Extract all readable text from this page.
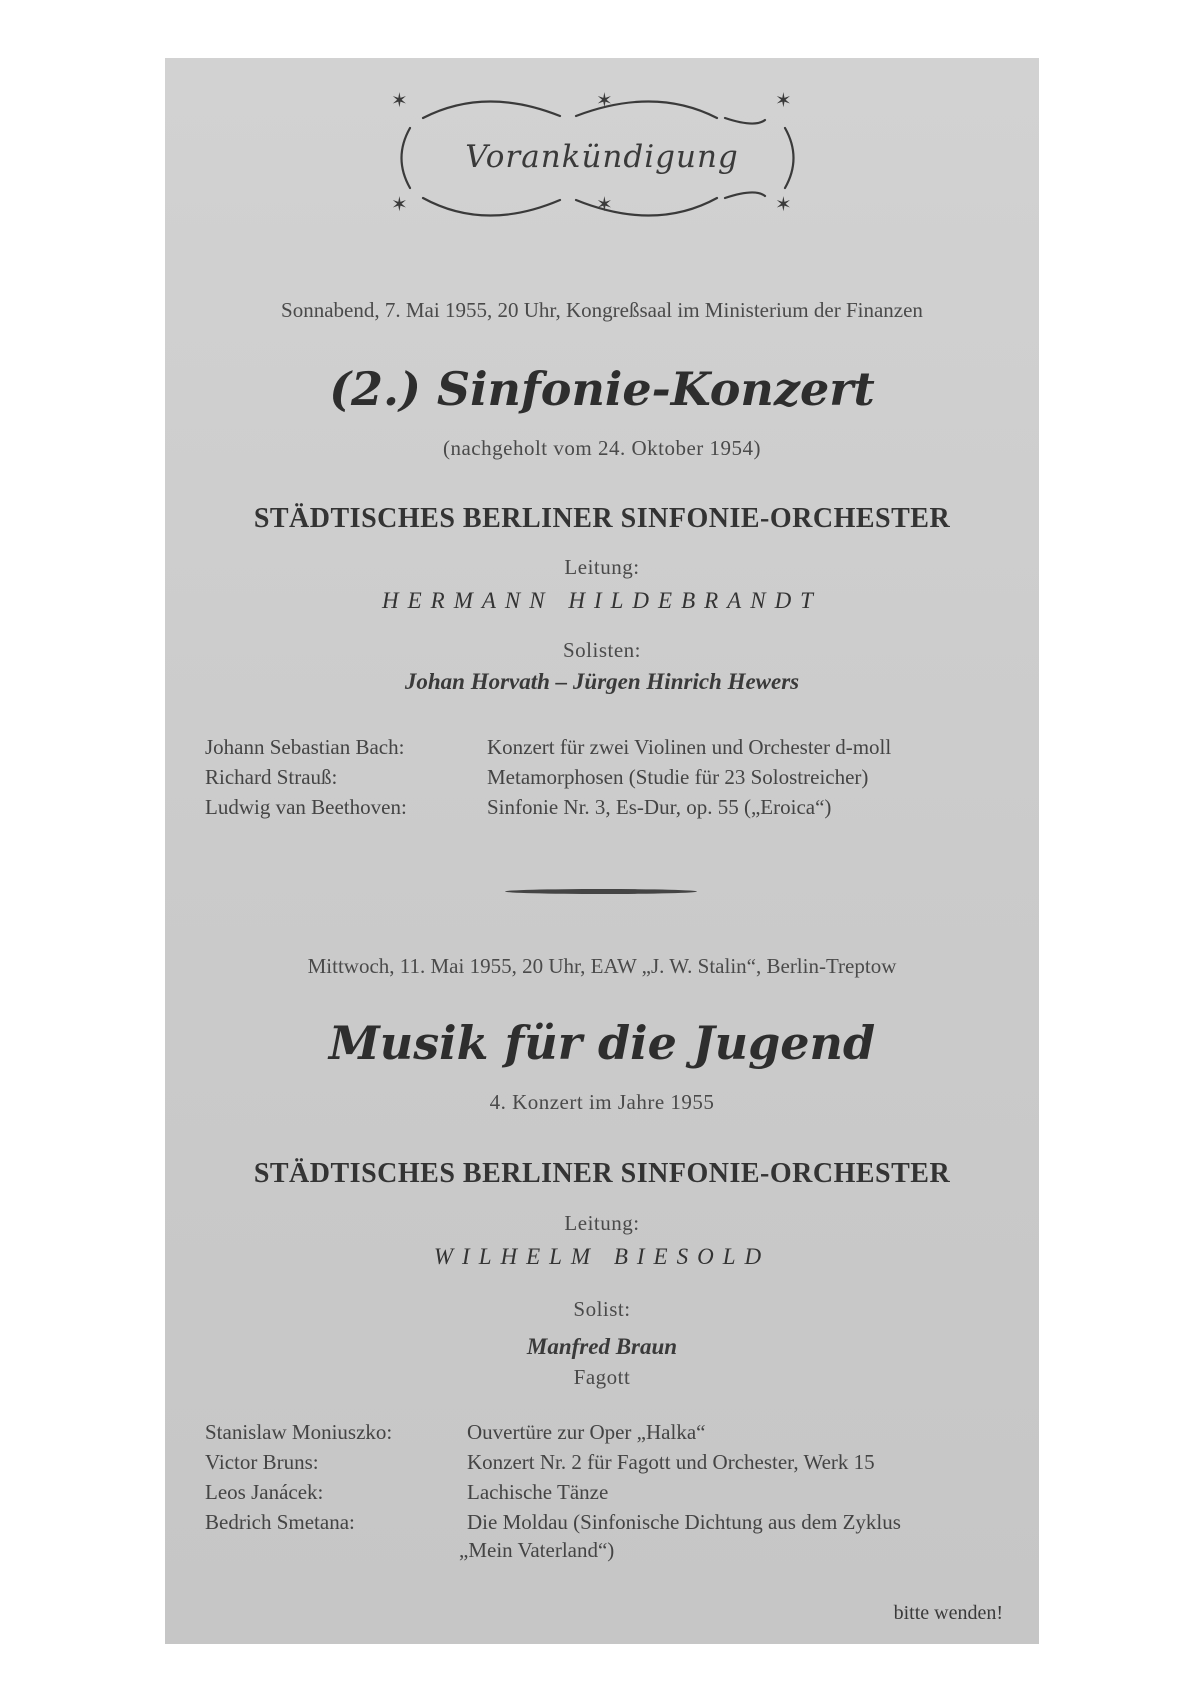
✶	✶	✶
✶	✶	✶
Vorankündigung
Sonnabend, 7. Mai 1955, 20 Uhr, Kongreßsaal im Ministerium der Finanzen
(2.) Sinfonie-Konzert
(nachgeholt vom 24. Oktober 1954)
STÄDTISCHES BERLINER SINFONIE-ORCHESTER
Leitung:
HERMANN HILDEBRANDT
Solisten:
Johan Horvath – Jürgen Hinrich Hewers
Johann Sebastian Bach:	Konzert für zwei Violinen und Orchester d-moll
Richard Strauß:	Metamorphosen (Studie für 23 Solostreicher)
Ludwig van Beethoven:	Sinfonie Nr. 3, Es-Dur, op. 55 („Eroica“)
Mittwoch, 11. Mai 1955, 20 Uhr, EAW „J. W. Stalin“, Berlin-Treptow
Musik für die Jugend
4. Konzert im Jahre 1955
STÄDTISCHES BERLINER SINFONIE-ORCHESTER
Leitung:
WILHELM BIESOLD
Solist:
Manfred Braun
Fagott
Stanislaw Moniuszko:	Ouvertüre zur Oper „Halka“
Victor Bruns:	Konzert Nr. 2 für Fagott und Orchester, Werk 15
Leos Janácek:	Lachische Tänze
Bedrich Smetana:	Die Moldau (Sinfonische Dichtung aus dem Zyklus
„Mein Vaterland“)
bitte wenden!
